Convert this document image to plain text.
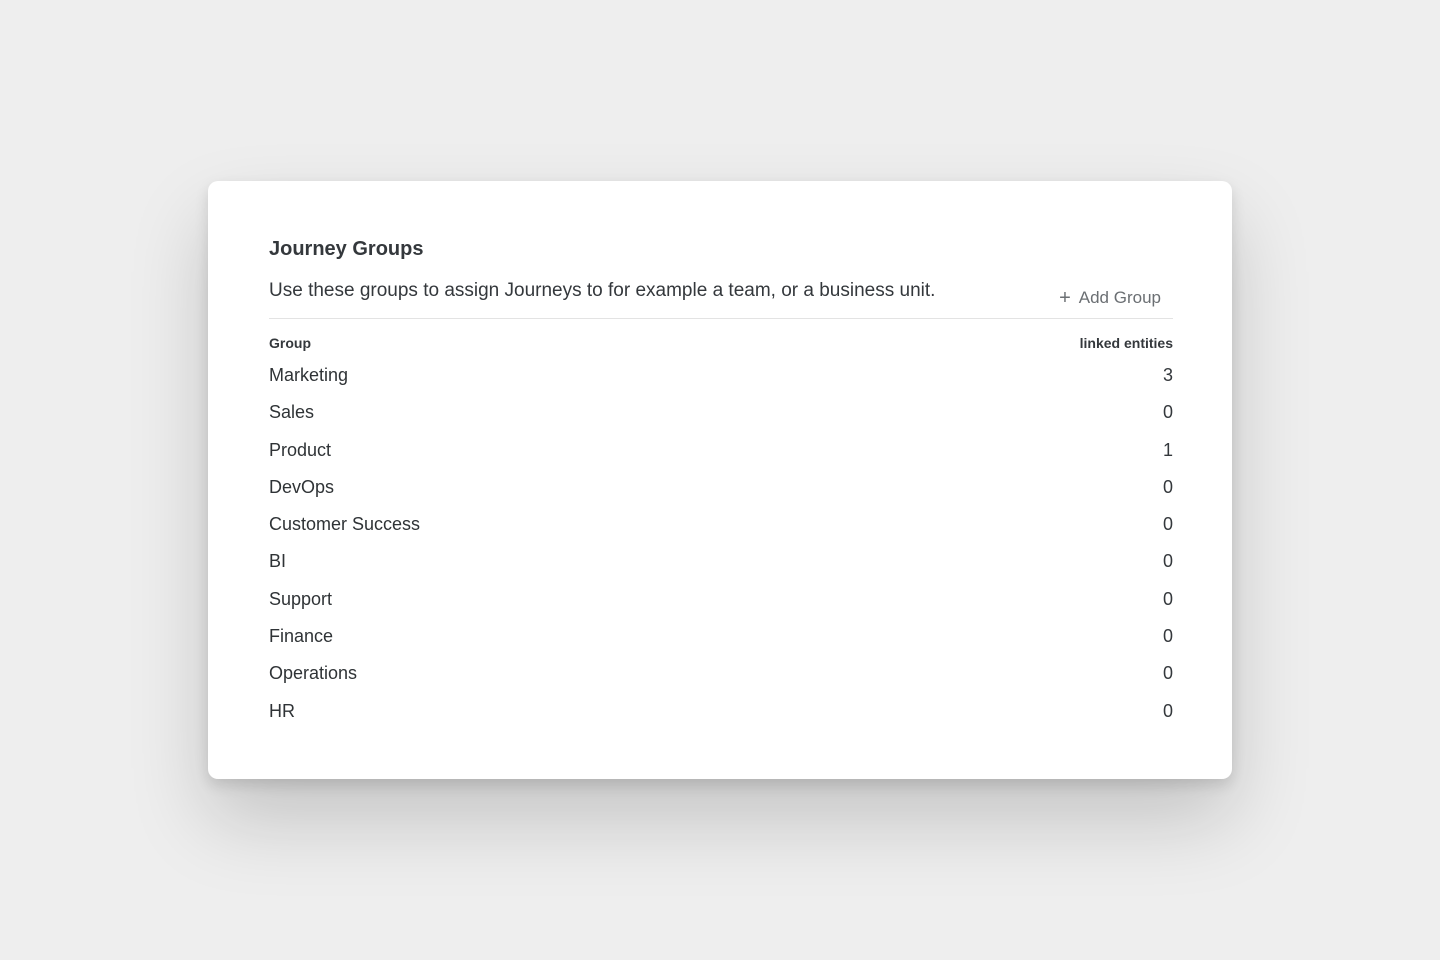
Journey Groups
Use these groups to assign Journeys to for example a team, or a business unit.	+ Add Group
Group	linked entities
Marketing	3
Sales	0
Product	1
DevOps	0
Customer Success	0
BI	0
Support	0
Finance	0
Operations	0
HR	0
